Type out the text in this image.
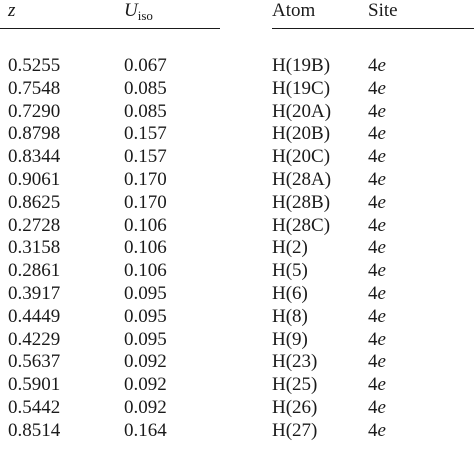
z	$U_{iso}$	Atom	Site
0.5255	0.067	H(19B) 4e
0.7548	0.085	H(19C) 4e
0.7290	0.085	H(20A) 4e
0.8798	0.157	H(20B) 4e
0.8344	0.157	H(20C) 4e
0.9061	0.170	H(28A) 4e
0.8625	0.170	H(28B) 4e
0.2728	0.106	H(28C) 4e
0.3158	0.106	H(2)	4e
0.2861	0.106	H(5)	4e
0.3917	0.095	H(6)	4e
0.4449	0.095	H(8)	4e
0.4229	0.095	H(9)	4e
0.5637	0.092	H(23)	4e
0.5901	0.092	H(25)	4e
0.5442	0.092	H(26)	4e
0.8514	0.164	H(27)	4e
